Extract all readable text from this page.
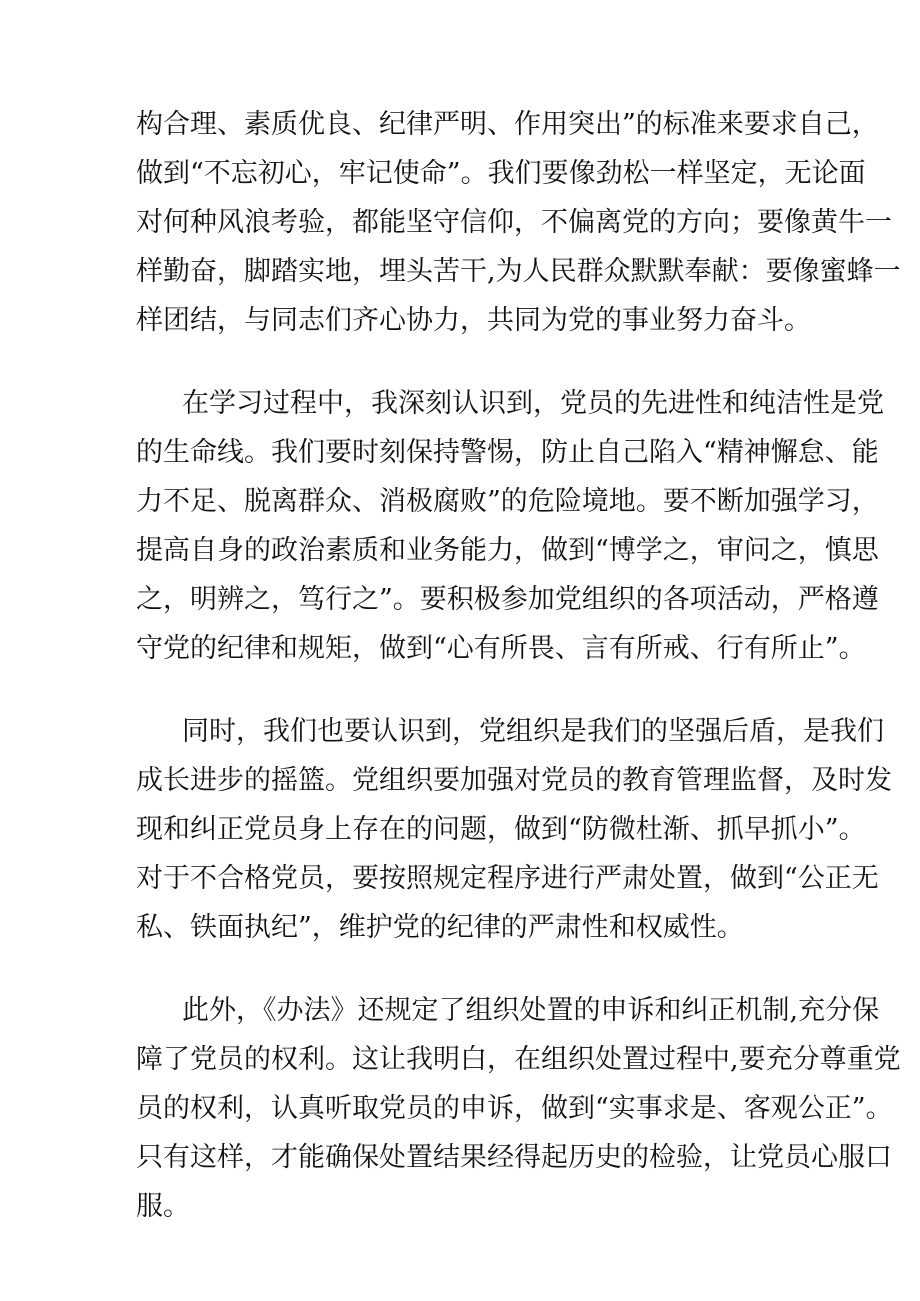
构合理、素质优良、纪律严明、作用突出”的标准来要求自己，
做到“不忘初心，牢记使命”。我们要像劲松一样坚定，无论面
对何种风浪考验，都能坚守信仰，不偏离党的方向；要像黄牛一
样勤奋，脚踏实地，埋头苦干,为人民群众默默奉献：要像蜜蜂一
样团结，与同志们齐心协力，共同为党的事业努力奋斗。

在学习过程中，我深刻认识到，党员的先进性和纯洁性是党
的生命线。我们要时刻保持警惕，防止自己陷入“精神懈怠、能
力不足、脱离群众、消极腐败”的危险境地。要不断加强学习，
提高自身的政治素质和业务能力，做到“博学之，审问之，慎思
之，明辨之，笃行之”。要积极参加党组织的各项活动，严格遵
守党的纪律和规矩，做到“心有所畏、言有所戒、行有所止”。

同时，我们也要认识到，党组织是我们的坚强后盾，是我们
成长进步的摇篮。党组织要加强对党员的教育管理监督，及时发
现和纠正党员身上存在的问题，做到“防微杜渐、抓早抓小”。
对于不合格党员，要按照规定程序进行严肃处置，做到“公正无
私、铁面执纪”，维护党的纪律的严肃性和权威性。

此外，《办法》还规定了组织处置的申诉和纠正机制,充分保
障了党员的权利。这让我明白，在组织处置过程中,要充分尊重党
员的权利，认真听取党员的申诉，做到“实事求是、客观公正”。
只有这样，才能确保处置结果经得起历史的检验，让党员心服口
服。
